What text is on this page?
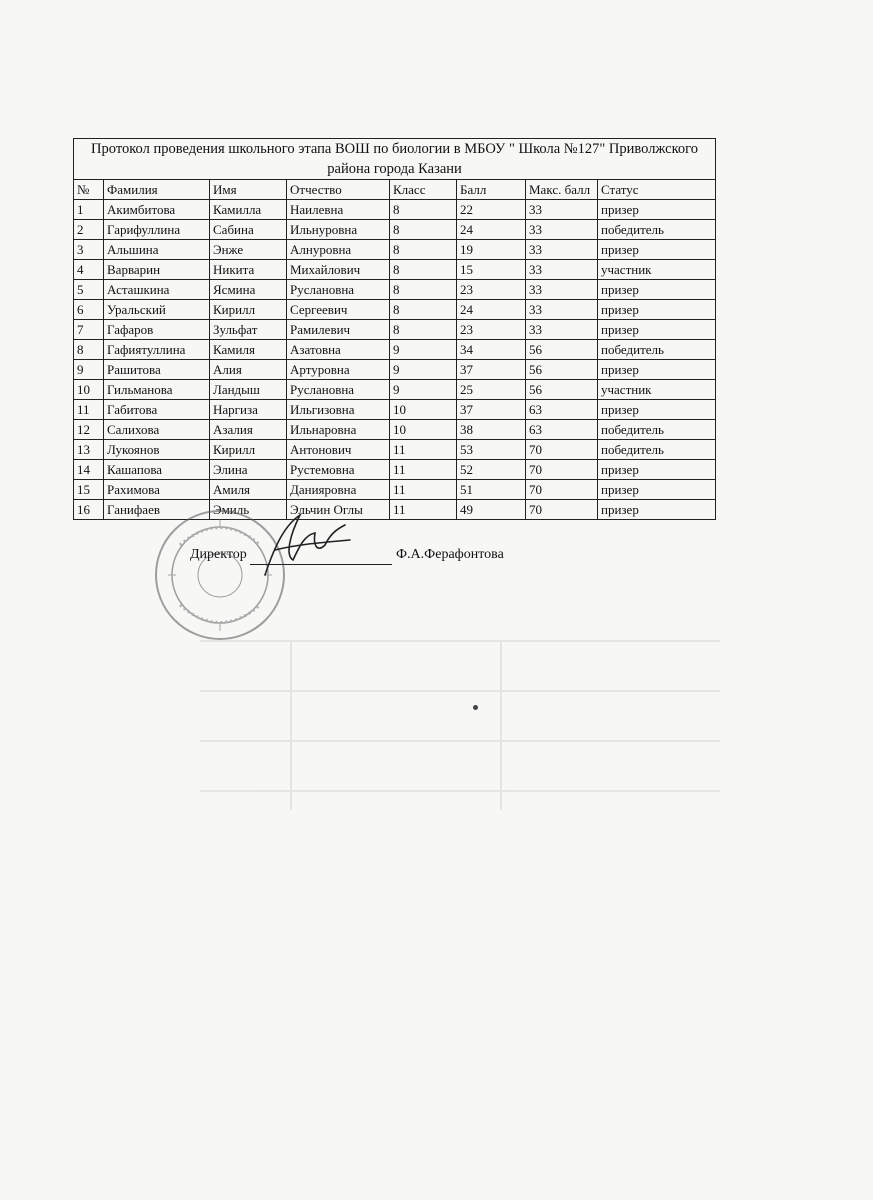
Протокол проведения школьного этапа ВОШ по биологии в МБОУ " Школа №127" Приволжского района города Казани							
№	Фамилия	Имя	Отчество	Класс	Балл	Макс. балл	Статус
1	Акимбитова	Камилла	Наилевна	8	22	33	призер
2	Гарифуллина	Сабина	Ильнуровна	8	24	33	победитель
3	Альшина	Энже	Алнуровна	8	19	33	призер
4	Варварин	Никита	Михайлович	8	15	33	участник
5	Асташкина	Ясмина	Руслановна	8	23	33	призер
6	Уральский	Кирилл	Сергеевич	8	24	33	призер
7	Гафаров	Зульфат	Рамилевич	8	23	33	призер
8	Гафиятуллина	Камиля	Азатовна	9	34	56	победитель
9	Рашитова	Алия	Артуровна	9	37	56	призер
10	Гильманова	Ландыш	Руслановна	9	25	56	участник
11	Габитова	Наргиза	Ильгизовна	10	37	63	призер
12	Салихова	Азалия	Ильнаровна	10	38	63	победитель
13	Лукоянов	Кирилл	Антонович	11	53	70	победитель
14	Кашапова	Элина	Рустемовна	11	52	70	призер
15	Рахимова	Амиля	Данияровна	11	51	70	призер
16	Ганифаев	Эмиль	Эльчин Оглы	11	49	70	призер
Директор	Ф.А.Ферафонтова
